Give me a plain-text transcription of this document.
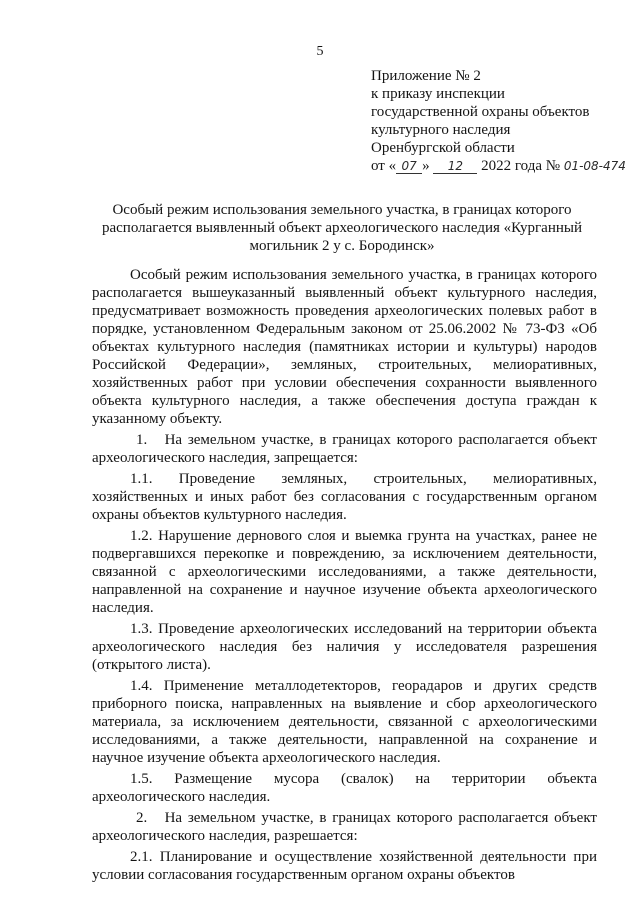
5
Приложение № 2
к приказу инспекции
государственной охраны объектов
культурного наследия
Оренбургской области
от « 07 » 12 2022 года № 01-08-474
Особый режим использования земельного участка, в границах которого располагается выявленный объект археологического наследия «Курганный могильник 2 у с. Бородинск»

Особый режим использования земельного участка, в границах которого располагается вышеуказанный выявленный объект культурного наследия, предусматривает возможность проведения археологических полевых работ в порядке, установленном Федеральным законом от 25.06.2002 № 73-ФЗ «Об объектах культурного наследия (памятниках истории и культуры) народов Российской Федерации», земляных, строительных, мелиоративных, хозяйственных работ при условии обеспечения сохранности выявленного объекта культурного наследия, а также обеспечения доступа граждан к указанному объекту.

1.   На земельном участке, в границах которого располагается объект археологического наследия, запрещается:

1.1. Проведение земляных, строительных, мелиоративных, хозяйственных и иных работ без согласования с государственным органом охраны объектов культурного наследия.

1.2. Нарушение дернового слоя и выемка грунта на участках, ранее не подвергавшихся перекопке и повреждению, за исключением деятельности, связанной с археологическими исследованиями, а также деятельности, направленной на сохранение и научное изучение объекта археологического наследия.

1.3. Проведение археологических исследований на территории объекта археологического наследия без наличия у исследователя разрешения (открытого листа).

1.4. Применение металлодетекторов, георадаров и других средств приборного поиска, направленных на выявление и сбор археологического материала, за исключением деятельности, связанной с археологическими исследованиями, а также деятельности, направленной на сохранение и научное изучение объекта археологического наследия.

1.5. Размещение мусора (свалок) на территории объекта археологического наследия.

2.   На земельном участке, в границах которого располагается объект археологического наследия, разрешается:

2.1. Планирование и осуществление хозяйственной деятельности при условии согласования государственным органом охраны объектов
